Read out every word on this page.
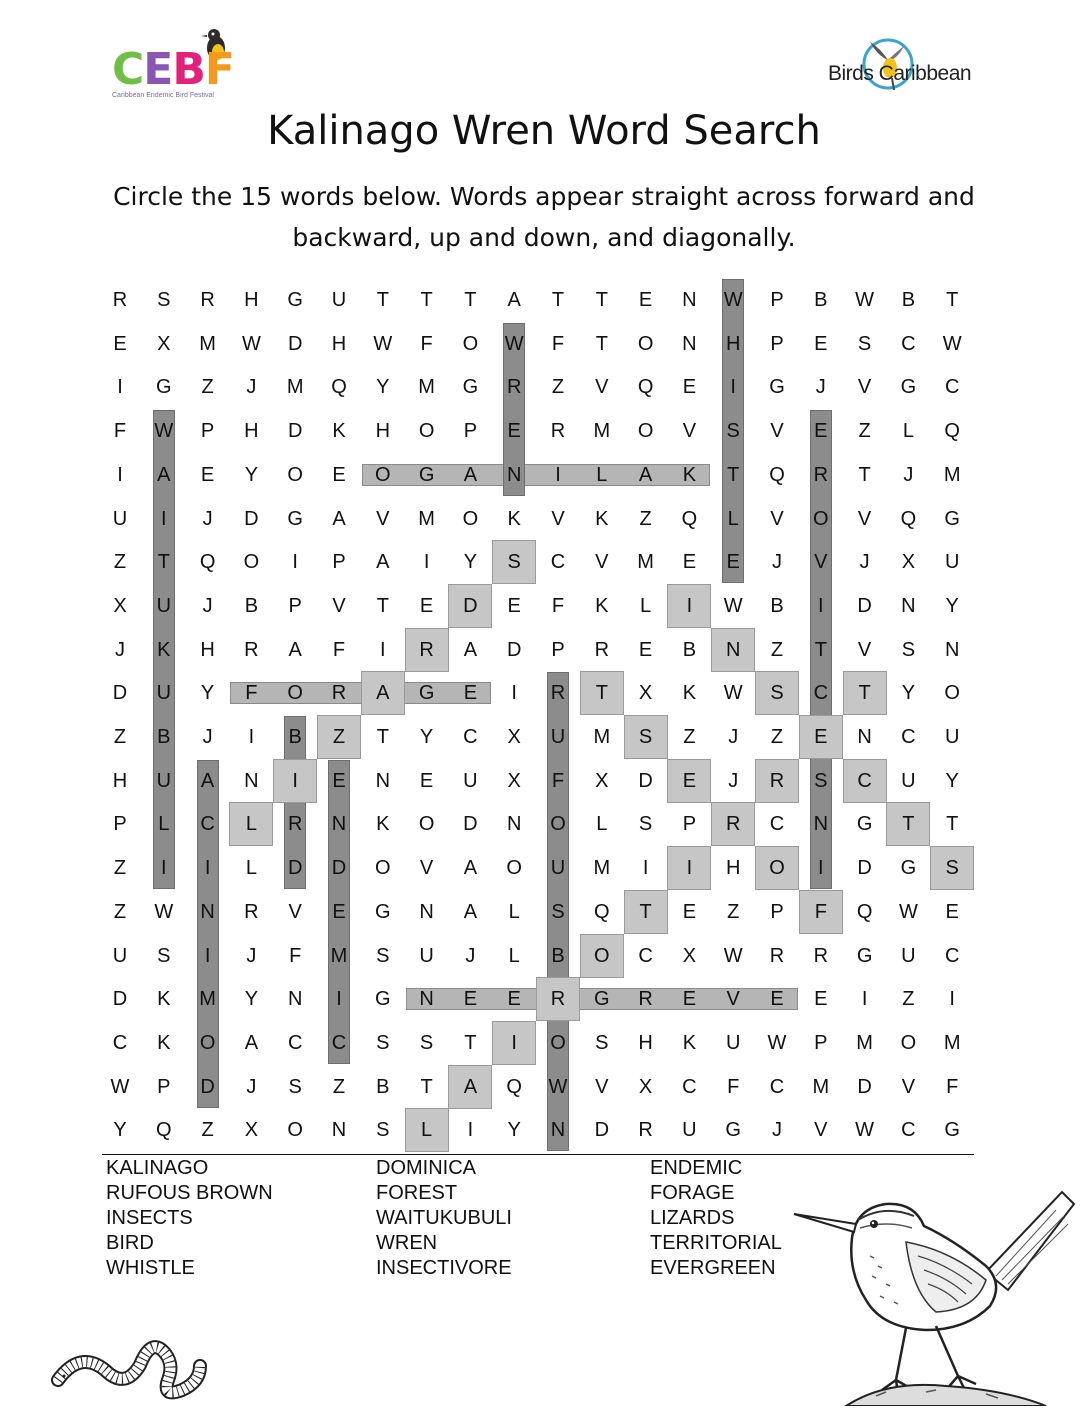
CEBF
Caribbean Endemic Bird Festival
Birds Caribbean
Kalinago Wren Word Search
Circle the 15 words below. Words appear straight across forward and backward, up and down, and diagonally.
R	S	R	H	G	U	T	T	T	A	T	T	E	N	W	P	B	W	B	T
E	X	M	W	D	H	W	F	O	W	F	T	O	N	H	P	E	S	C	W
I	G	Z	J	M	Q	Y	M	G	R	Z	V	Q	E	I	G	J	V	G	C
F	W	P	H	D	K	H	O	P	E	R	M	O	V	S	V	E	Z	L	Q
I	A	E	Y	O	E	O	G	A	N	I	L	A	K	T	Q	R	T	J	M
U	I	J	D	G	A	V	M	O	K	V	K	Z	Q	L	V	O	V	Q	G
Z	T	Q	O	I	P	A	I	Y	S	C	V	M	E	E	J	V	J	X	U
X	U	J	B	P	V	T	E	D	E	F	K	L	I	W	B	I	D	N	Y
J	K	H	R	A	F	I	R	A	D	P	R	E	B	N	Z	T	V	S	N
D	U	Y	F	O	R	A	G	E	I	R	T	X	K	W	S	C	T	Y	O
Z	B	J	I	B	Z	T	Y	C	X	U	M	S	Z	J	Z	E	N	C	U
H	U	A	N	I	E	N	E	U	X	F	X	D	E	J	R	S	C	U	Y
P	L	C	L	R	N	K	O	D	N	O	L	S	P	R	C	N	G	T	T
Z	I	I	L	D	D	O	V	A	O	U	M	I	I	H	O	I	D	G	S
Z	W	N	R	V	E	G	N	A	L	S	Q	T	E	Z	P	F	Q	W	E
U	S	I	J	F	M	S	U	J	L	B	O	C	X	W	R	R	G	U	C
D	K	M	Y	N	I	G	N	E	E	R	G	R	E	V	E	E	I	Z	I
C	K	O	A	C	C	S	S	T	I	O	S	H	K	U	W	P	M	O	M
W	P	D	J	S	Z	B	T	A	Q	W	V	X	C	F	C	M	D	V	F
Y	Q	Z	X	O	N	S	L	I	Y	N	D	R	U	G	J	V	W	C	G
KALINAGO
RUFOUS BROWN
INSECTS
BIRD
WHISTLE
DOMINICA
FOREST
WAITUKUBULI
WREN
INSECTIVORE
ENDEMIC
FORAGE
LIZARDS
TERRITORIAL
EVERGREEN
